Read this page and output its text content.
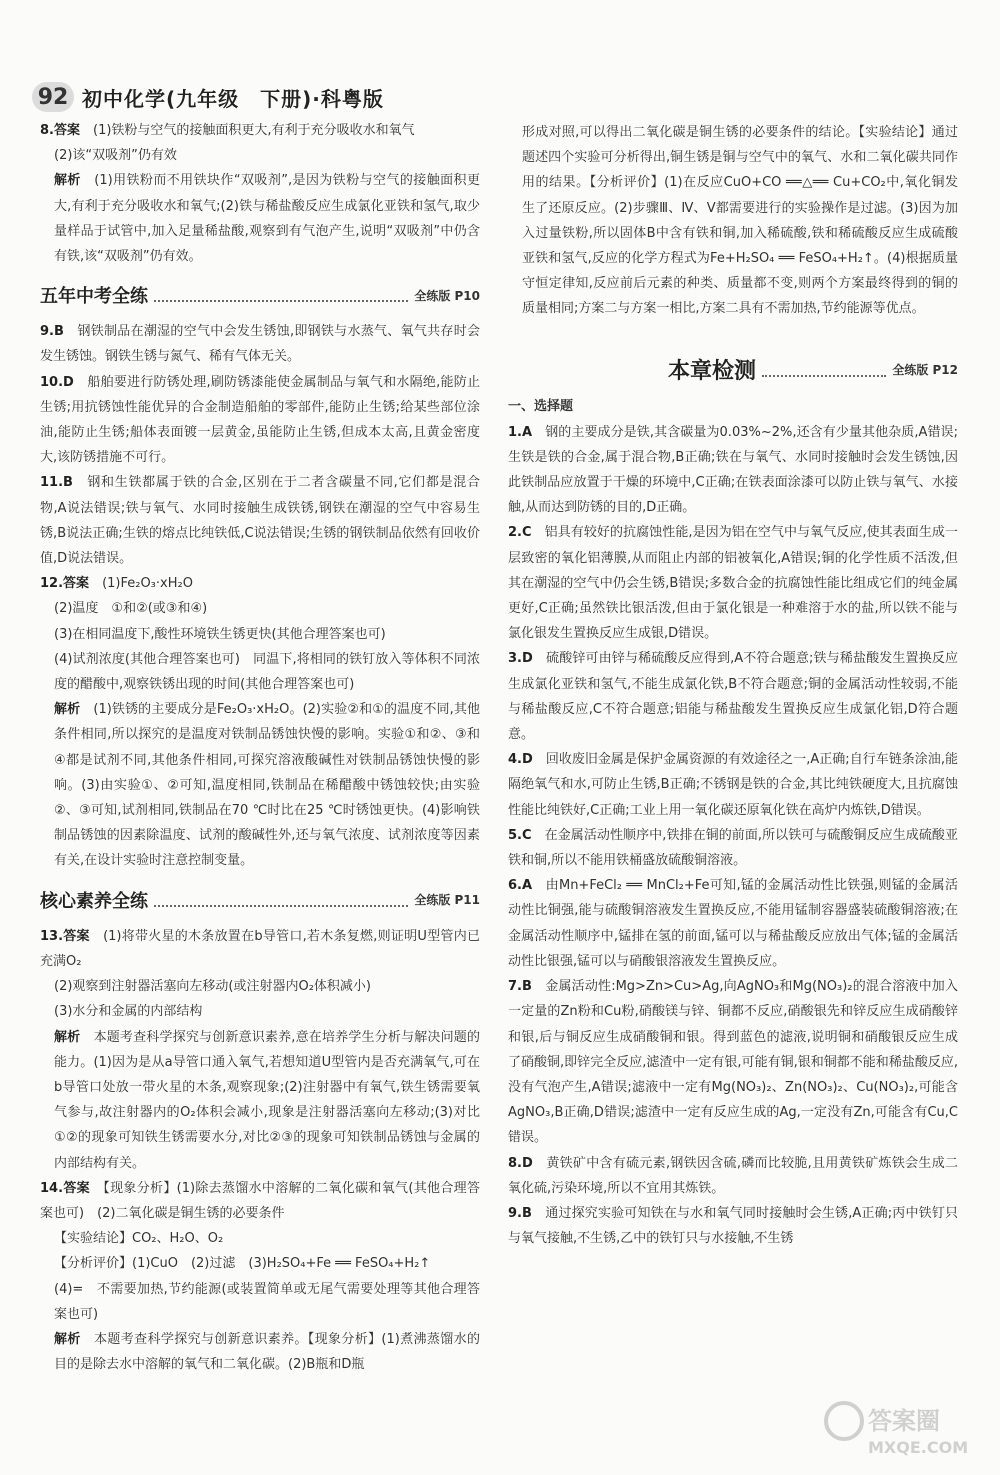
92 初中化学(九年级　下册)·科粤版

8.答案　 (1)铁粉与空气的接触面积更大,有利于充分吸收水和氧气

(2)该“双吸剂”仍有效

解析　 (1)用铁粉而不用铁块作“双吸剂”,是因为铁粉与空气的接触面积更大,有利于充分吸收水和氧气;(2)铁与稀盐酸反应生成氯化亚铁和氢气,取少量样品于试管中,加入足量稀盐酸,观察到有气泡产生,说明“双吸剂”中仍含有铁,该“双吸剂”仍有效。

五年中考全练	全练版 P10

9.B　 钢铁制品在潮湿的空气中会发生锈蚀,即钢铁与水蒸气、氧气共存时会发生锈蚀。钢铁生锈与氮气、稀有气体无关。

10.D　 船舶要进行防锈处理,刷防锈漆能使金属制品与氧气和水隔绝,能防止生锈;用抗锈蚀性能优异的合金制造船舶的零部件,能防止生锈;给某些部位涂油,能防止生锈;船体表面镀一层黄金,虽能防止生锈,但成本太高,且黄金密度大,该防锈措施不可行。

11.B　 钢和生铁都属于铁的合金,区别在于二者含碳量不同,它们都是混合物,A说法错误;铁与氧气、水同时接触生成铁锈,钢铁在潮湿的空气中容易生锈,B说法正确;生铁的熔点比纯铁低,C说法错误;生锈的钢铁制品依然有回收价值,D说法错误。

12.答案　 (1)Fe₂O₃·xH₂O

(2)温度　①和②(或③和④)

(3)在相同温度下,酸性环境铁生锈更快(其他合理答案也可)

(4)试剂浓度(其他合理答案也可)　同温下,将相同的铁钉放入等体积不同浓度的醋酸中,观察铁锈出现的时间(其他合理答案也可)

解析　 (1)铁锈的主要成分是Fe₂O₃·xH₂O。(2)实验②和①的温度不同,其他条件相同,所以探究的是温度对铁制品锈蚀快慢的影响。实验①和②、③和④都是试剂不同,其他条件相同,可探究溶液酸碱性对铁制品锈蚀快慢的影响。(3)由实验①、②可知,温度相同,铁制品在稀醋酸中锈蚀较快;由实验②、③可知,试剂相同,铁制品在70 ℃时比在25 ℃时锈蚀更快。(4)影响铁制品锈蚀的因素除温度、试剂的酸碱性外,还与氧气浓度、试剂浓度等因素有关,在设计实验时注意控制变量。

核心素养全练	全练版 P11

13.答案　 (1)将带火星的木条放置在b导管口,若木条复燃,则证明U型管内已充满O₂

(2)观察到注射器活塞向左移动(或注射器内O₂体积减小)

(3)水分和金属的内部结构

解析　 本题考查科学探究与创新意识素养,意在培养学生分析与解决问题的能力。(1)因为是从a导管口通入氧气,若想知道U型管内是否充满氧气,可在b导管口处放一带火星的木条,观察现象;(2)注射器中有氧气,铁生锈需要氧气参与,故注射器内的O₂体积会减小,现象是注射器活塞向左移动;(3)对比①②的现象可知铁生锈需要水分,对比②③的现象可知铁制品锈蚀与金属的内部结构有关。

14.答案　 【现象分析】(1)除去蒸馏水中溶解的二氧化碳和氧气(其他合理答案也可)　(2)二氧化碳是铜生锈的必要条件

【实验结论】CO₂、H₂O、O₂

【分析评价】(1)CuO　(2)过滤　(3)H₂SO₄+Fe ══ FeSO₄+H₂↑

(4)=　不需要加热,节约能源(或装置简单或无尾气需要处理等其他合理答案也可)

解析　 本题考查科学探究与创新意识素养。【现象分析】(1)煮沸蒸馏水的目的是除去水中溶解的氧气和二氧化碳。(2)B瓶和D瓶

形成对照,可以得出二氧化碳是铜生锈的必要条件的结论。【实验结论】通过题述四个实验可分析得出,铜生锈是铜与空气中的氧气、水和二氧化碳共同作用的结果。【分析评价】(1)在反应CuO+CO ══△══ Cu+CO₂中,氧化铜发生了还原反应。(2)步骤Ⅲ、Ⅳ、Ⅴ都需要进行的实验操作是过滤。(3)因为加入过量铁粉,所以固体B中含有铁和铜,加入稀硫酸,铁和稀硫酸反应生成硫酸亚铁和氢气,反应的化学方程式为Fe+H₂SO₄ ══ FeSO₄+H₂↑。(4)根据质量守恒定律知,反应前后元素的种类、质量都不变,则两个方案最终得到的铜的质量相同;方案二与方案一相比,方案二具有不需加热,节约能源等优点。

本章检测	全练版 P12

一、选择题

1.A　 钢的主要成分是铁,其含碳量为0.03%~2%,还含有少量其他杂质,A错误;生铁是铁的合金,属于混合物,B正确;铁在与氧气、水同时接触时会发生锈蚀,因此铁制品应放置于干燥的环境中,C正确;在铁表面涂漆可以防止铁与氧气、水接触,从而达到防锈的目的,D正确。

2.C　 铝具有较好的抗腐蚀性能,是因为铝在空气中与氧气反应,使其表面生成一层致密的氧化铝薄膜,从而阻止内部的铝被氧化,A错误;铜的化学性质不活泼,但其在潮湿的空气中仍会生锈,B错误;多数合金的抗腐蚀性能比组成它们的纯金属更好,C正确;虽然铁比银活泼,但由于氯化银是一种难溶于水的盐,所以铁不能与氯化银发生置换反应生成银,D错误。

3.D　 硫酸锌可由锌与稀硫酸反应得到,A不符合题意;铁与稀盐酸发生置换反应生成氯化亚铁和氢气,不能生成氯化铁,B不符合题意;铜的金属活动性较弱,不能与稀盐酸反应,C不符合题意;铝能与稀盐酸发生置换反应生成氯化铝,D符合题意。

4.D　 回收废旧金属是保护金属资源的有效途径之一,A正确;自行车链条涂油,能隔绝氧气和水,可防止生锈,B正确;不锈钢是铁的合金,其比纯铁硬度大,且抗腐蚀性能比纯铁好,C正确;工业上用一氧化碳还原氧化铁在高炉内炼铁,D错误。

5.C　 在金属活动性顺序中,铁排在铜的前面,所以铁可与硫酸铜反应生成硫酸亚铁和铜,所以不能用铁桶盛放硫酸铜溶液。

6.A　 由Mn+FeCl₂ ══ MnCl₂+Fe可知,锰的金属活动性比铁强,则锰的金属活动性比铜强,能与硫酸铜溶液发生置换反应,不能用锰制容器盛装硫酸铜溶液;在金属活动性顺序中,锰排在氢的前面,锰可以与稀盐酸反应放出气体;锰的金属活动性比银强,锰可以与硝酸银溶液发生置换反应。

7.B　 金属活动性:Mg>Zn>Cu>Ag,向AgNO₃和Mg(NO₃)₂的混合溶液中加入一定量的Zn粉和Cu粉,硝酸镁与锌、铜都不反应,硝酸银先和锌反应生成硝酸锌和银,后与铜反应生成硝酸铜和银。得到蓝色的滤液,说明铜和硝酸银反应生成了硝酸铜,即锌完全反应,滤渣中一定有银,可能有铜,银和铜都不能和稀盐酸反应,没有气泡产生,A错误;滤液中一定有Mg(NO₃)₂、Zn(NO₃)₂、Cu(NO₃)₂,可能含AgNO₃,B正确,D错误;滤渣中一定有反应生成的Ag,一定没有Zn,可能含有Cu,C错误。

8.D　 黄铁矿中含有硫元素,钢铁因含硫,磷而比较脆,且用黄铁矿炼铁会生成二氧化硫,污染环境,所以不宜用其炼铁。

9.B　 通过探究实验可知铁在与水和氧气同时接触时会生锈,A正确;丙中铁钉只与氧气接触,不生锈,乙中的铁钉只与水接触,不生锈

答案圈
MXQE.COM
